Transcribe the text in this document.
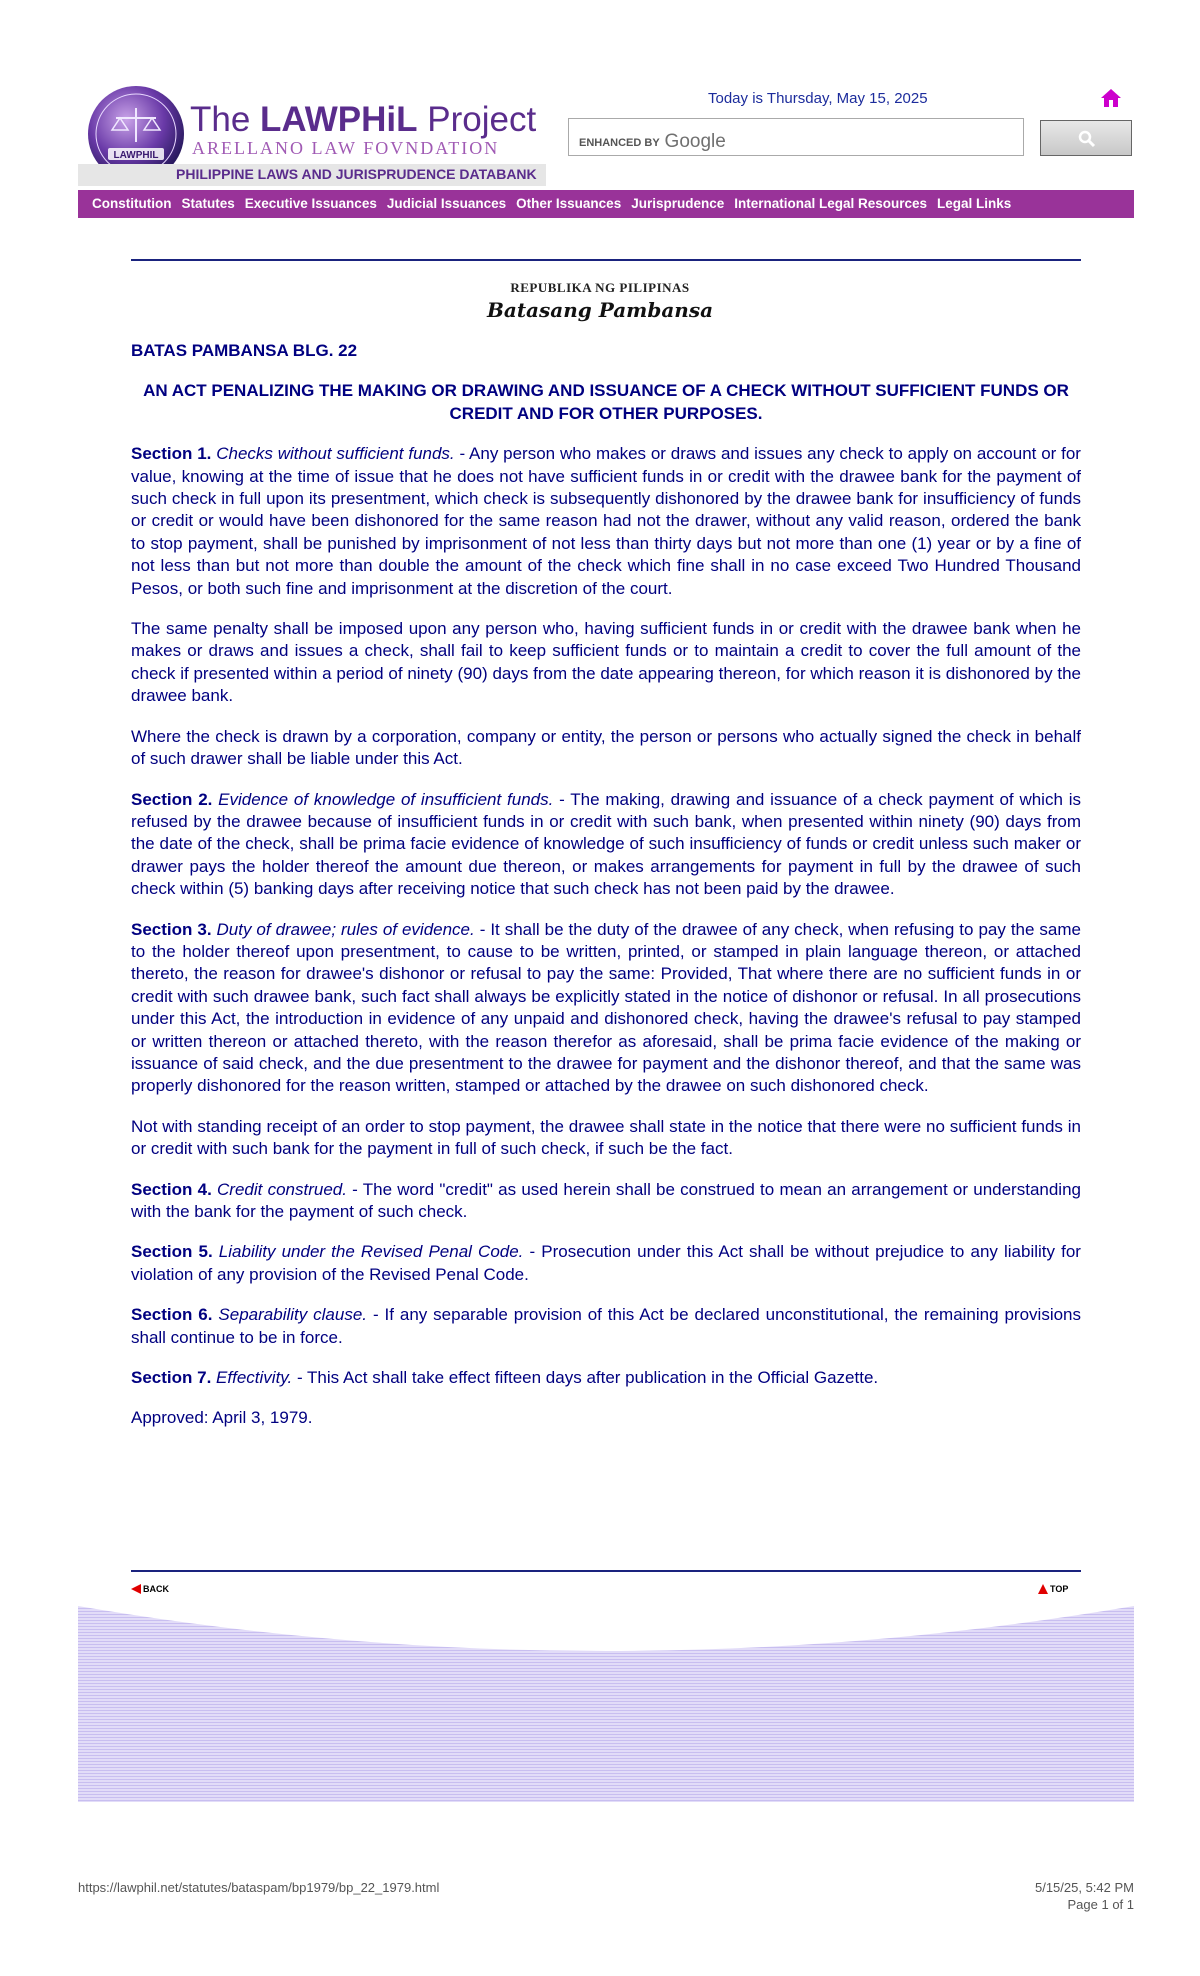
LAWPHIL
The LAWPHiL Project
ARELLANO LAW FOVNDATION
PHILIPPINE LAWS AND JURISPRUDENCE DATABANK
Today is Thursday, May 15, 2025
ENHANCED BY Google
Constitution Statutes Executive Issuances Judicial Issuances Other Issuances Jurisprudence International Legal Resources Legal Links
REPUBLIKA NG PILIPINAS
Batasang Pambansa

BATAS PAMBANSA BLG. 22

AN ACT PENALIZING THE MAKING OR DRAWING AND ISSUANCE OF A CHECK WITHOUT SUFFICIENT FUNDS OR CREDIT AND FOR OTHER PURPOSES.

Section 1. Checks without sufficient funds. - Any person who makes or draws and issues any check to apply on account or for value, knowing at the time of issue that he does not have sufficient funds in or credit with the drawee bank for the payment of such check in full upon its presentment, which check is subsequently dishonored by the drawee bank for insufficiency of funds or credit or would have been dishonored for the same reason had not the drawer, without any valid reason, ordered the bank to stop payment, shall be punished by imprisonment of not less than thirty days but not more than one (1) year or by a fine of not less than but not more than double the amount of the check which fine shall in no case exceed Two Hundred Thousand Pesos, or both such fine and imprisonment at the discretion of the court.

The same penalty shall be imposed upon any person who, having sufficient funds in or credit with the drawee bank when he makes or draws and issues a check, shall fail to keep sufficient funds or to maintain a credit to cover the full amount of the check if presented within a period of ninety (90) days from the date appearing thereon, for which reason it is dishonored by the drawee bank.

Where the check is drawn by a corporation, company or entity, the person or persons who actually signed the check in behalf of such drawer shall be liable under this Act.

Section 2. Evidence of knowledge of insufficient funds. - The making, drawing and issuance of a check payment of which is refused by the drawee because of insufficient funds in or credit with such bank, when presented within ninety (90) days from the date of the check, shall be prima facie evidence of knowledge of such insufficiency of funds or credit unless such maker or drawer pays the holder thereof the amount due thereon, or makes arrangements for payment in full by the drawee of such check within (5) banking days after receiving notice that such check has not been paid by the drawee.

Section 3. Duty of drawee; rules of evidence. - It shall be the duty of the drawee of any check, when refusing to pay the same to the holder thereof upon presentment, to cause to be written, printed, or stamped in plain language thereon, or attached thereto, the reason for drawee's dishonor or refusal to pay the same: Provided, That where there are no sufficient funds in or credit with such drawee bank, such fact shall always be explicitly stated in the notice of dishonor or refusal. In all prosecutions under this Act, the introduction in evidence of any unpaid and dishonored check, having the drawee's refusal to pay stamped or written thereon or attached thereto, with the reason therefor as aforesaid, shall be prima facie evidence of the making or issuance of said check, and the due presentment to the drawee for payment and the dishonor thereof, and that the same was properly dishonored for the reason written, stamped or attached by the drawee on such dishonored check.

Not with standing receipt of an order to stop payment, the drawee shall state in the notice that there were no sufficient funds in or credit with such bank for the payment in full of such check, if such be the fact.

Section 4. Credit construed. - The word "credit" as used herein shall be construed to mean an arrangement or understanding with the bank for the payment of such check.

Section 5. Liability under the Revised Penal Code. - Prosecution under this Act shall be without prejudice to any liability for violation of any provision of the Revised Penal Code.

Section 6. Separability clause. - If any separable provision of this Act be declared unconstitutional, the remaining provisions shall continue to be in force.

Section 7. Effectivity. - This Act shall take effect fifteen days after publication in the Official Gazette.

Approved: April 3, 1979.

BACK	TOP
https://lawphil.net/statutes/bataspam/bp1979/bp_22_1979.html	5/15/25, 5:42 PM
Page 1 of 1
